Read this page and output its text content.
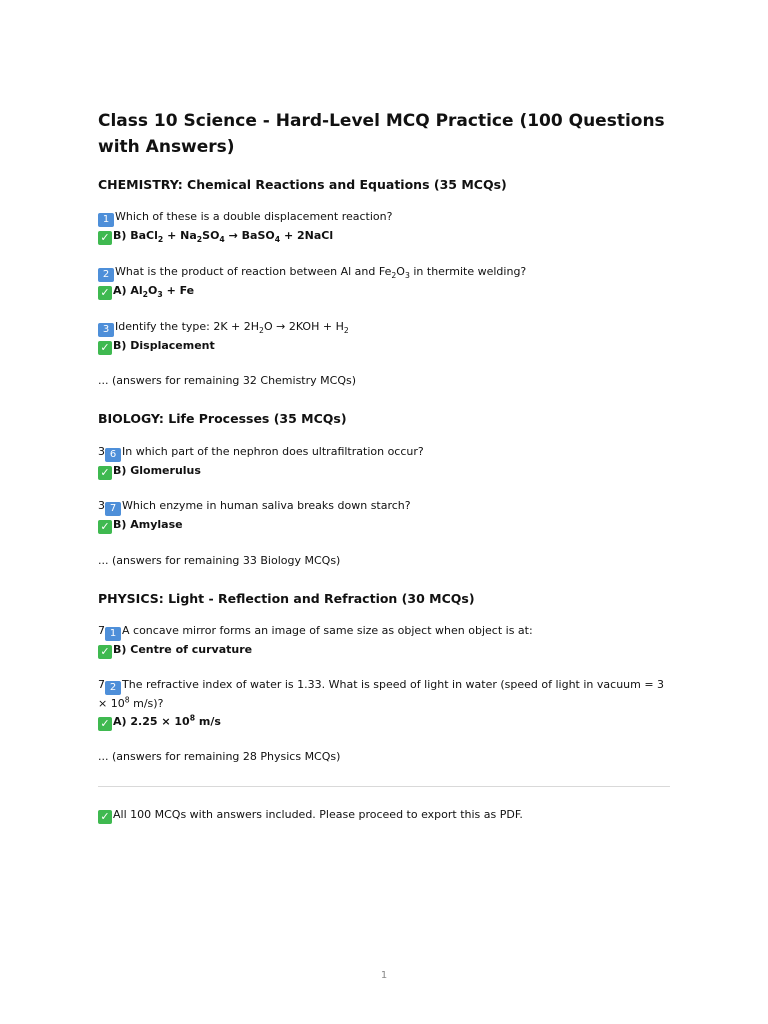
Class 10 Science - Hard-Level MCQ Practice (100 Questions with Answers)
CHEMISTRY: Chemical Reactions and Equations (35 MCQs)
1 Which of these is a double displacement reaction?
✓ B) BaCl$_2$ + $Na_2SO_4$ → BaSO$_4$ + 2NaCl
2 What is the product of reaction between Al and $Fe_2O_3$ in thermite welding?
✓ A) $Al_2O_3 + Fe$
3 Identify the type: $2K + 2H_2O \to 2KOH + H_2$
✓ B) Displacement
... (answers for remaining 32 Chemistry MCQs)
BIOLOGY: Life Processes (35 MCQs)
3 6 In which part of the nephron does ultrafiltration occur?
✓ B) Glomerulus
3 7 Which enzyme in human saliva breaks down starch?
✓ B) Amylase
... (answers for remaining 33 Biology MCQs)
PHYSICS: Light - Reflection and Refraction (30 MCQs)
7 1 A concave mirror forms an image of same size as object when object is at:
✓ B) Centre of curvature
7 2 The refractive index of water is 1.33. What is speed of light in water (speed of light in vacuum = $3 \times 10^8$ m/s)?
✓ A) $2.25 \times 10^8$ m/s
... (answers for remaining 28 Physics MCQs)
✓ All 100 MCQs with answers included. Please proceed to export this as PDF.
1
